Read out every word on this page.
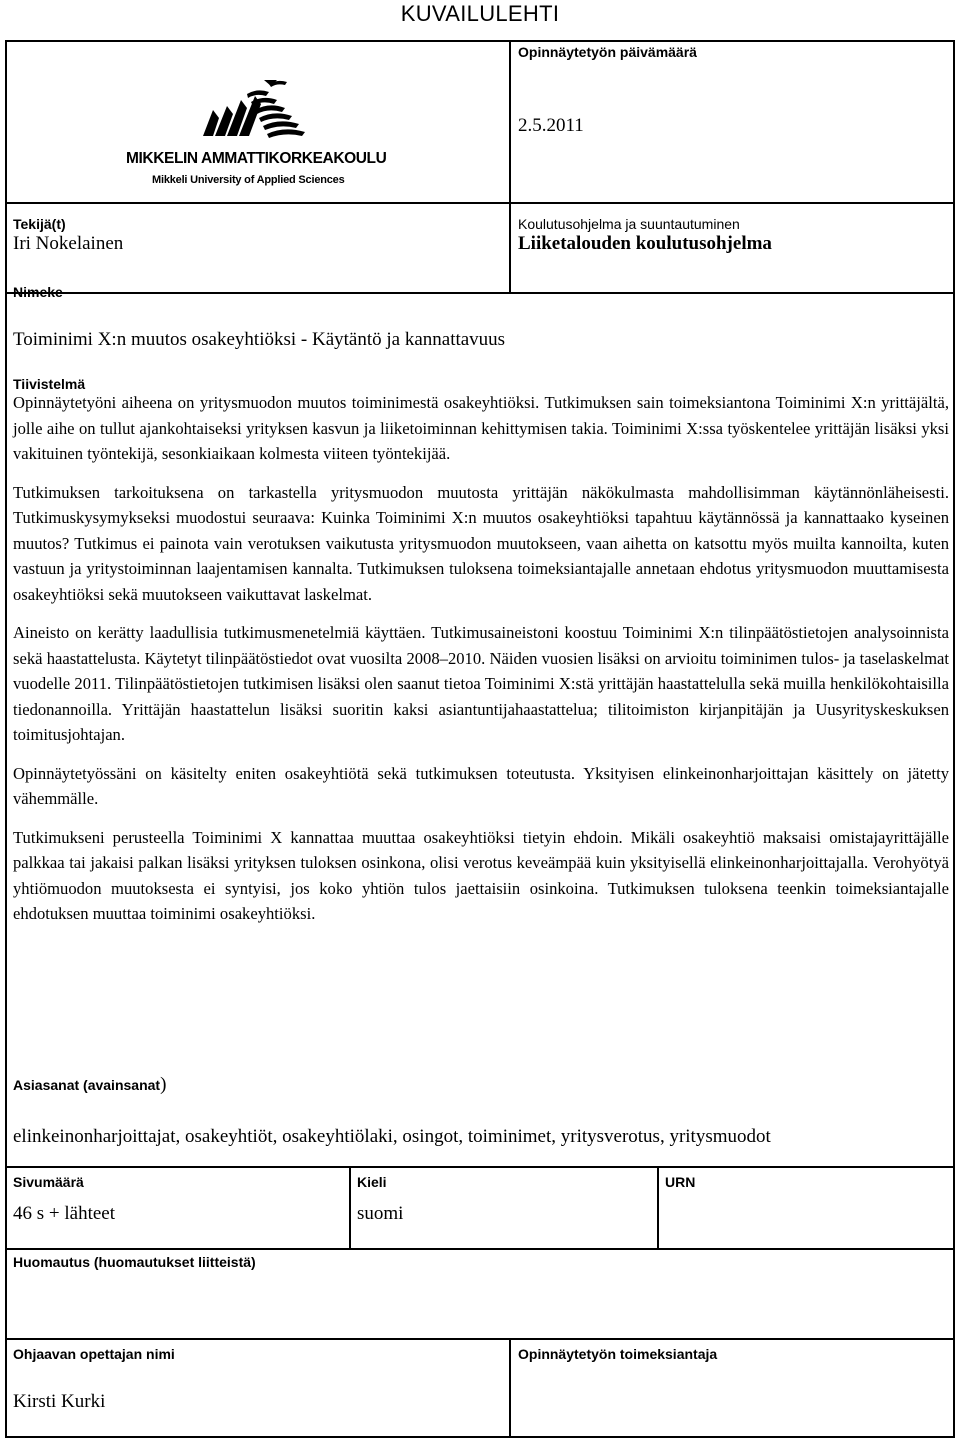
KUVAILULEHTI
MIKKELIN AMMATTIKORKEAKOULU
Mikkeli University of Applied Sciences
Opinnäytetyön päivämäärä
2.5.2011
Tekijä(t)
Iri Nokelainen
Koulutusohjelma ja suuntautuminen
Liiketalouden koulutusohjelma
Nimeke
Toiminimi X:n muutos osakeyhtiöksi - Käytäntö ja kannattavuus
Tiivistelmä

Opinnäytetyöni aiheena on yritysmuodon muutos toiminimestä osakeyhtiöksi. Tutkimuksen sain toimeksiantona Toiminimi X:n yrittäjältä, jolle aihe on tullut ajankohtaiseksi yrityksen kasvun ja liiketoiminnan kehittymisen takia. Toiminimi X:ssa työskentelee yrittäjän lisäksi yksi vakituinen työntekijä, sesonkiaikaan kolmesta viiteen työntekijää.

Tutkimuksen tarkoituksena on tarkastella yritysmuodon muutosta yrittäjän näkökulmasta mahdollisimman käytännönläheisesti. Tutkimuskysymykseksi muodostui seuraava: Kuinka Toiminimi X:n muutos osakeyhtiöksi tapahtuu käytännössä ja kannattaako kyseinen muutos? Tutkimus ei painota vain verotuksen vaikutusta yritysmuodon muutokseen, vaan aihetta on katsottu myös muilta kannoilta, kuten vastuun ja yritystoiminnan laajentamisen kannalta. Tutkimuksen tuloksena toimeksiantajalle annetaan ehdotus yritysmuodon muuttamisesta osakeyhtiöksi sekä muutokseen vaikuttavat laskelmat.

Aineisto on kerätty laadullisia tutkimusmenetelmiä käyttäen. Tutkimusaineistoni koostuu Toiminimi X:n tilinpäätöstietojen analysoinnista sekä haastattelusta. Käytetyt tilinpäätöstiedot ovat vuosilta 2008–2010. Näiden vuosien lisäksi on arvioitu toiminimen tulos- ja taselaskelmat vuodelle 2011. Tilinpäätöstietojen tutkimisen lisäksi olen saanut tietoa Toiminimi X:stä yrittäjän haastattelulla sekä muilla henkilökohtaisilla tiedonannoilla. Yrittäjän haastattelun lisäksi suoritin kaksi asiantuntijahaastattelua; tilitoimiston kirjanpitäjän ja Uusyrityskeskuksen toimitusjohtajan.

Opinnäytetyössäni on käsitelty eniten osakeyhtiötä sekä tutkimuksen toteutusta. Yksityisen elinkeinonharjoittajan käsittely on jätetty vähemmälle.

Tutkimukseni perusteella Toiminimi X kannattaa muuttaa osakeyhtiöksi tietyin ehdoin. Mikäli osakeyhtiö maksaisi omistajayrittäjälle palkkaa tai jakaisi palkan lisäksi yrityksen tuloksen osinkona, olisi verotus keveämpää kuin yksityisellä elinkeinonharjoittajalla. Verohyötyä yhtiömuodon muutoksesta ei syntyisi, jos koko yhtiön tulos jaettaisiin osinkoina. Tutkimuksen tuloksena teenkin toimeksiantajalle ehdotuksen muuttaa toiminimi osakeyhtiöksi.

Asiasanat (avainsanat)
elinkeinonharjoittajat, osakeyhtiöt, osakeyhtiölaki, osingot, toiminimet, yritysverotus, yritysmuodot
Sivumäärä
46 s + lähteet
Kieli
suomi
URN
Huomautus (huomautukset liitteistä)
Ohjaavan opettajan nimi
Kirsti Kurki
Opinnäytetyön toimeksiantaja
